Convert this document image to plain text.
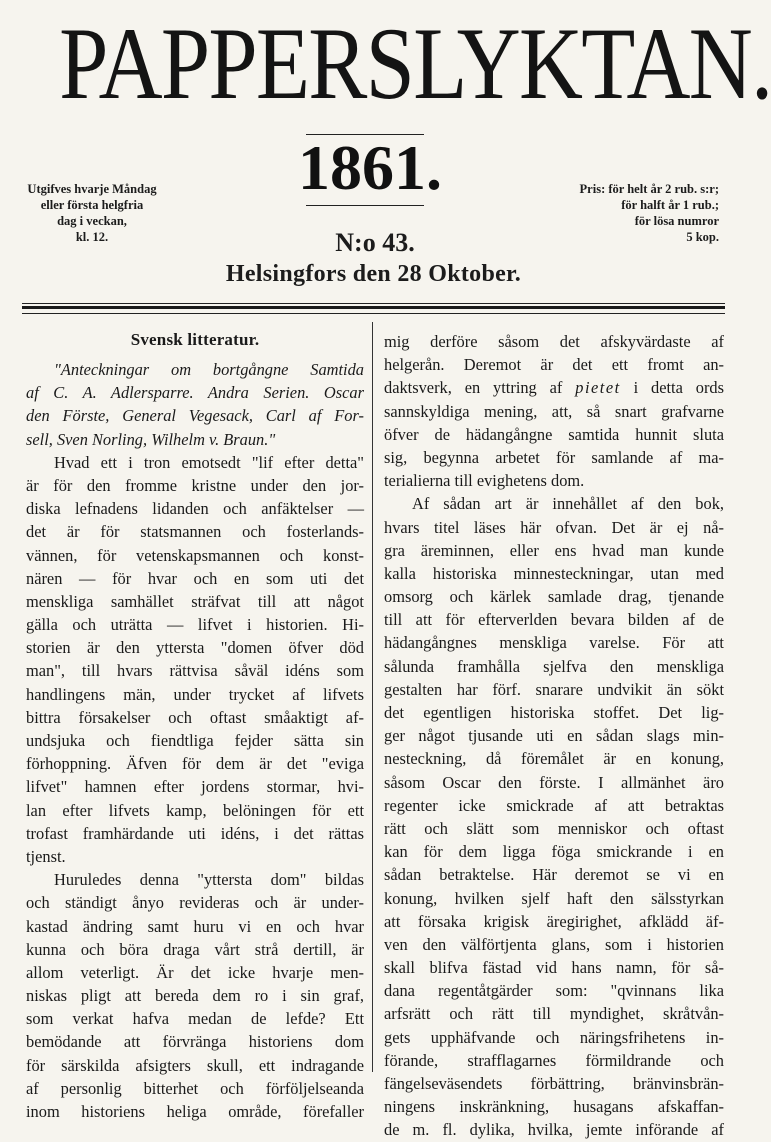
PAPPERSLYKTAN.
1861.
Utgifves hvarje Måndag
eller första helgfria
dag i veckan,
kl. 12.
Pris: för helt år 2 rub. s:r;
för halft år 1 rub.;
för lösa numror
5 kop.
N:o 43.
Helsingfors den 28 Oktober.
Svensk litteratur.
"Anteckningar om bortgångne Samtida
af C. A. Adlersparre. Andra Serien. Oscar
den Förste, General Vegesack, Carl af For-
sell, Sven Norling, Wilhelm v. Braun."
Hvad ett i tron emotsedt "lif efter detta"
är för den fromme kristne under den jor-
diska lefnadens lidanden och anfäktelser —
det är för statsmannen och fosterlands-
vännen, för vetenskapsmannen och konst-
nären — för hvar och en som uti det
menskliga samhället sträfvat till att något
gälla och uträtta — lifvet i historien. Hi-
storien är den yttersta "domen öfver död
man", till hvars rättvisa såväl idéns som
handlingens män, under trycket af lifvets
bittra försakelser och oftast småaktigt af-
undsjuka och fiendtliga fejder sätta sin
förhoppning. Äfven för dem är det "eviga
lifvet" hamnen efter jordens stormar, hvi-
lan efter lifvets kamp, belöningen för ett
trofast framhärdande uti idéns, i det rättas
tjenst.
Huruledes denna "yttersta dom" bildas
och ständigt ånyo revideras och är under-
kastad ändring samt huru vi en och hvar
kunna och böra draga vårt strå dertill, är
allom veterligt. Är det icke hvarje men-
niskas pligt att bereda dem ro i sin graf,
som verkat hafva medan de lefde? Ett
bemödande att förvränga historiens dom
för särskilda afsigters skull, ett indragande
af personlig bitterhet och förföljelseanda
inom historiens heliga område, förefaller
mig derföre såsom det afskyvärdaste af
helgerån. Deremot är det ett fromt an-
daktsverk, en yttring af pietet i detta ords
sannskyldiga mening, att, så snart grafvarne
öfver de hädangångne samtida hunnit sluta
sig, begynna arbetet för samlande af ma-
terialierna till evighetens dom.
Af sådan art är innehållet af den bok,
hvars titel läses här ofvan. Det är ej nå-
gra äreminnen, eller ens hvad man kunde
kalla historiska minnesteckningar, utan med
omsorg och kärlek samlade drag, tjenande
till att för efterverlden bevara bilden af de
hädangångnes menskliga varelse. För att
sålunda framhålla sjelfva den menskliga
gestalten har förf. snarare undvikit än sökt
det egentligen historiska stoffet. Det lig-
ger något tjusande uti en sådan slags min-
nesteckning, då föremålet är en konung,
såsom Oscar den förste. I allmänhet äro
regenter icke smickrade af att betraktas
rätt och slätt som menniskor och oftast
kan för dem ligga föga smickrande i en
sådan betraktelse. Här deremot se vi en
konung, hvilken sjelf haft den sälsstyrkan
att försaka krigisk äregirighet, afklädd äf-
ven den välförtjenta glans, som i historien
skall blifva fästad vid hans namn, för så-
dana regentåtgärder som: "qvinnans lika
arfsrätt och rätt till myndighet, skråtvån-
gets upphäfvande och näringsfrihetens in-
förande, strafflagarnes förmildrande och
fängelseväsendets förbättring, bränvinsbrän-
ningens inskränkning, husagans afskaffan-
de m. fl. dylika, hvilka, jemte införande af
